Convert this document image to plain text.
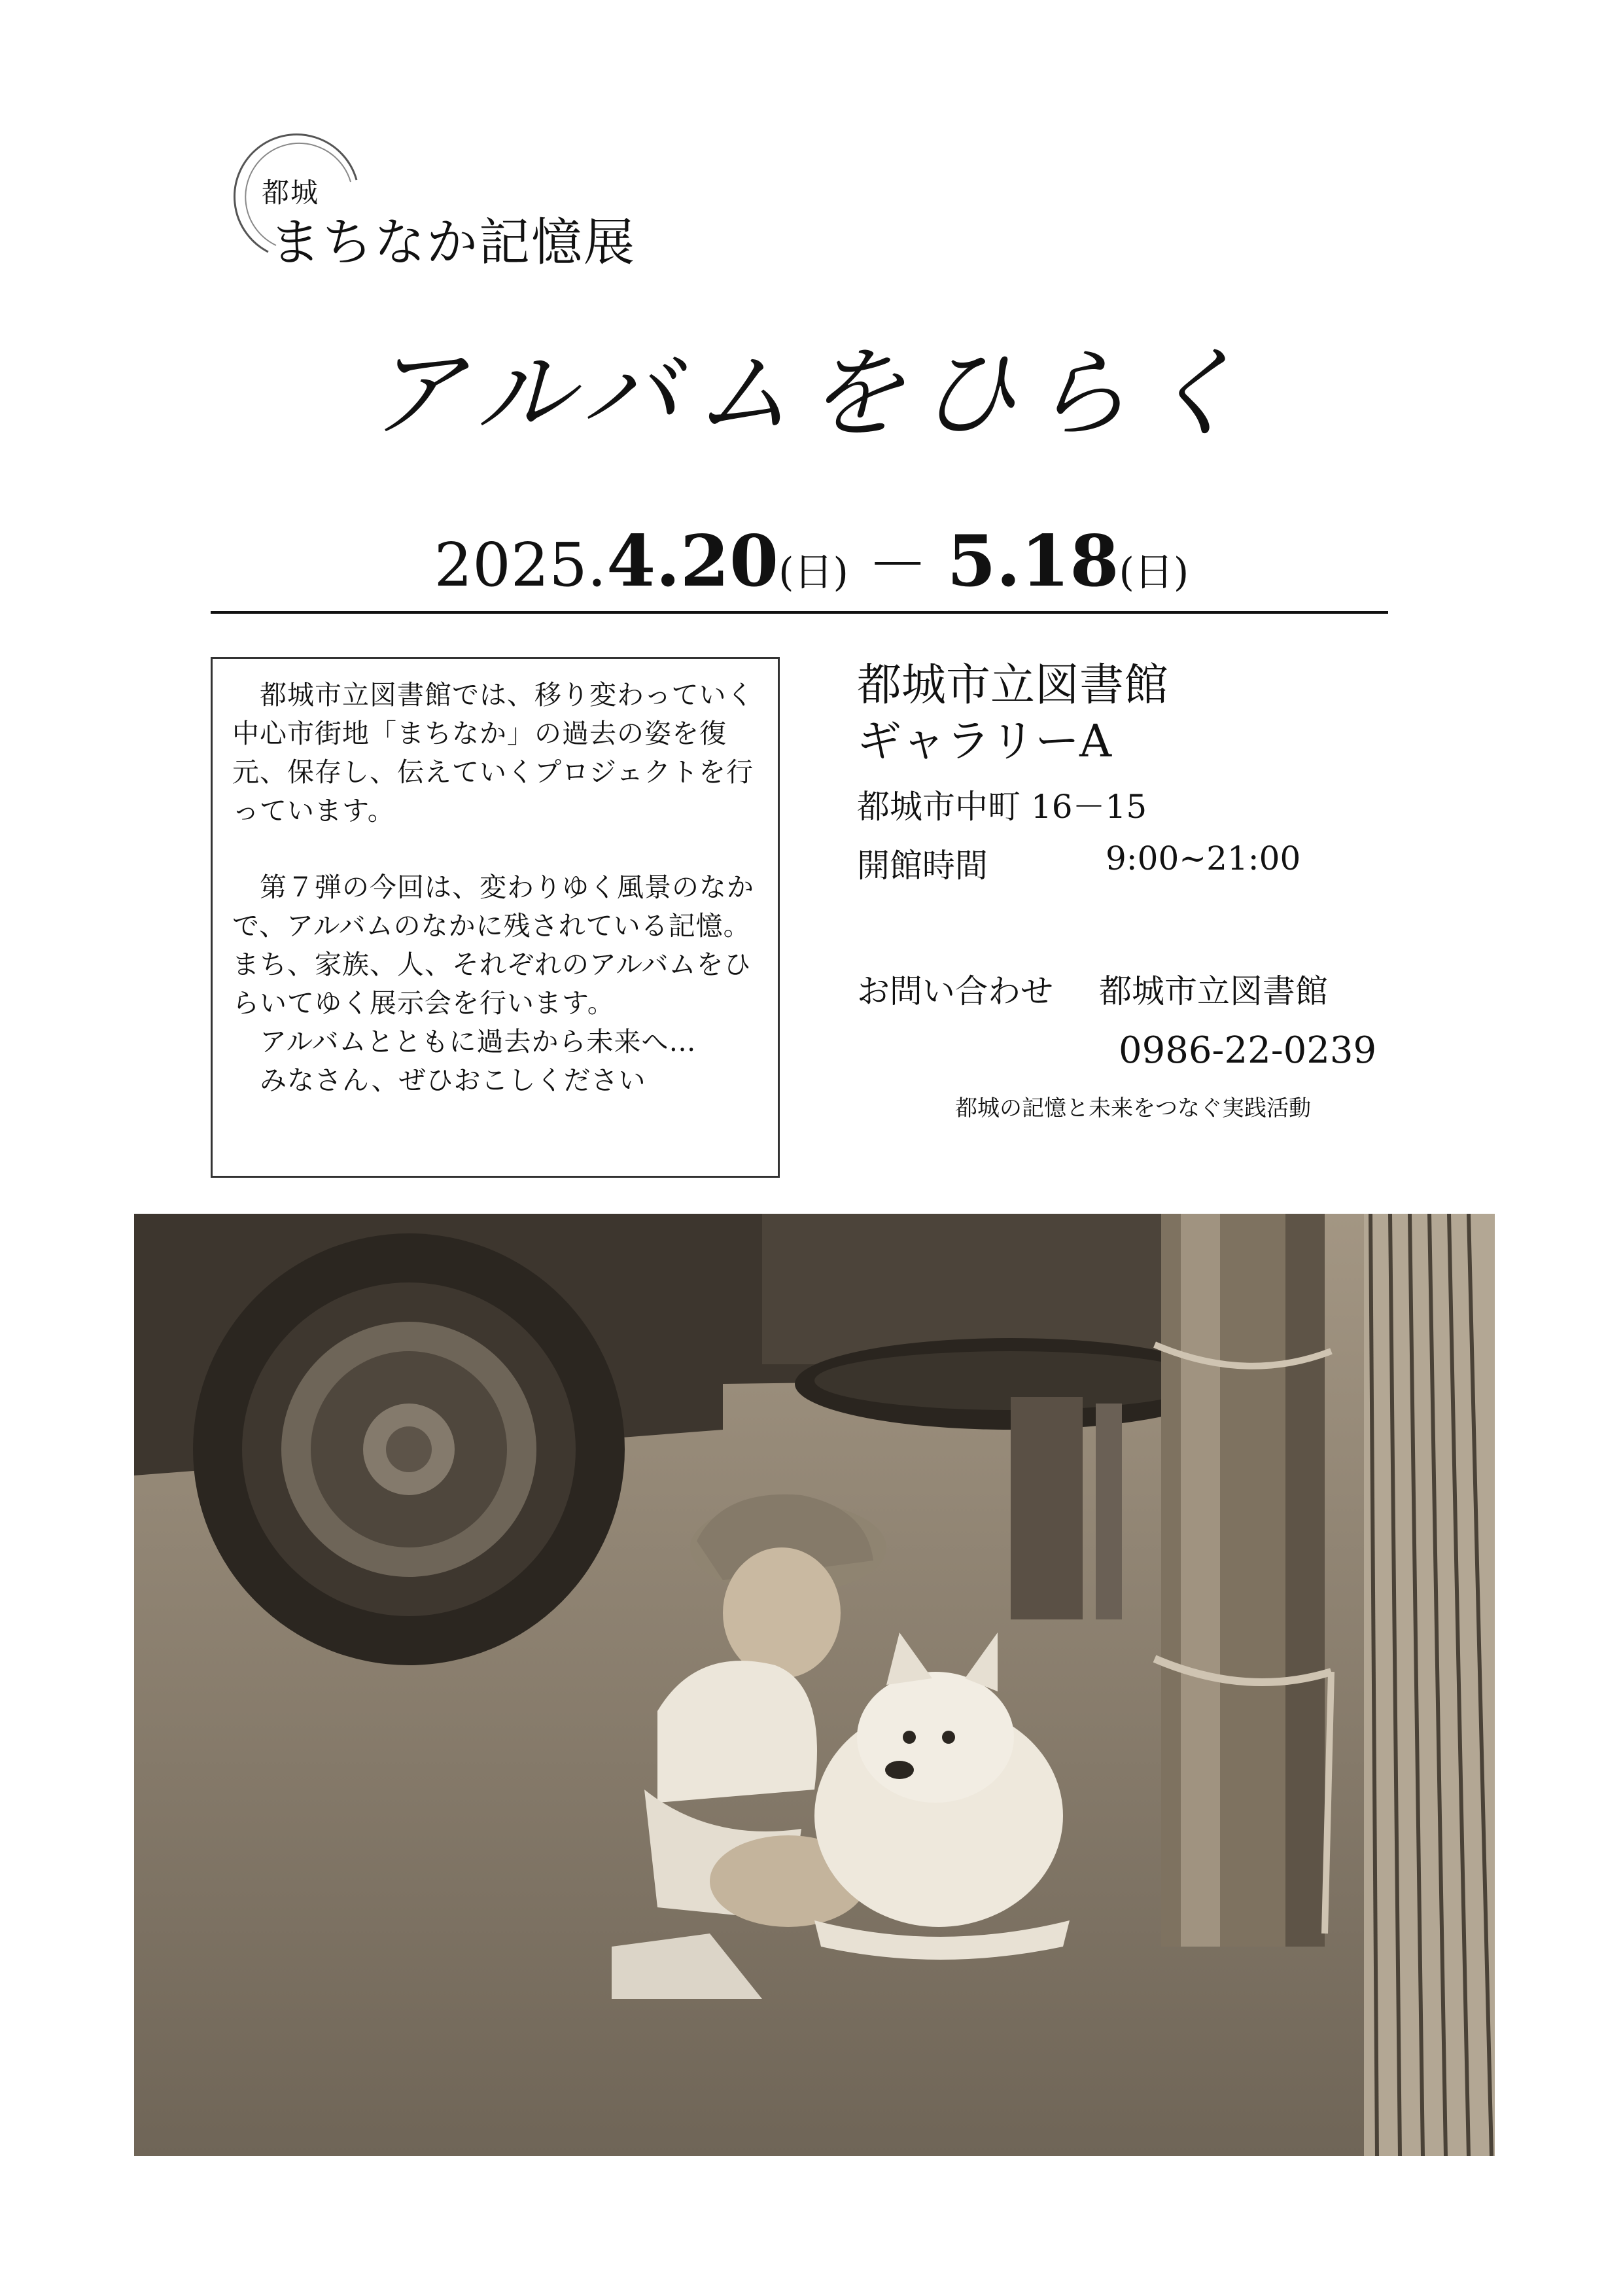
都城
まちなか記憶展
アルバムをひらく
2025.4.20(日) － 5.18(日)

　都城市立図書館では、移り変わっていく中心市街地「まちなか」の過去の姿を復元、保存し、伝えていくプロジェクトを行っています。

　第７弾の今回は、変わりゆく風景のなかで、アルバムのなかに残されている記憶。まち、家族、人、それぞれのアルバムをひらいてゆく展示会を行います。

　アルバムとともに過去から未来へ…

　みなさん、ぜひおこしください

都城市立図書館
ギャラリーA
都城市中町 16－15
開館時間	9:00~21:00
お問い合わせ 都城市立図書館
0986-22-0239
都城の記憶と未来をつなぐ実践活動
